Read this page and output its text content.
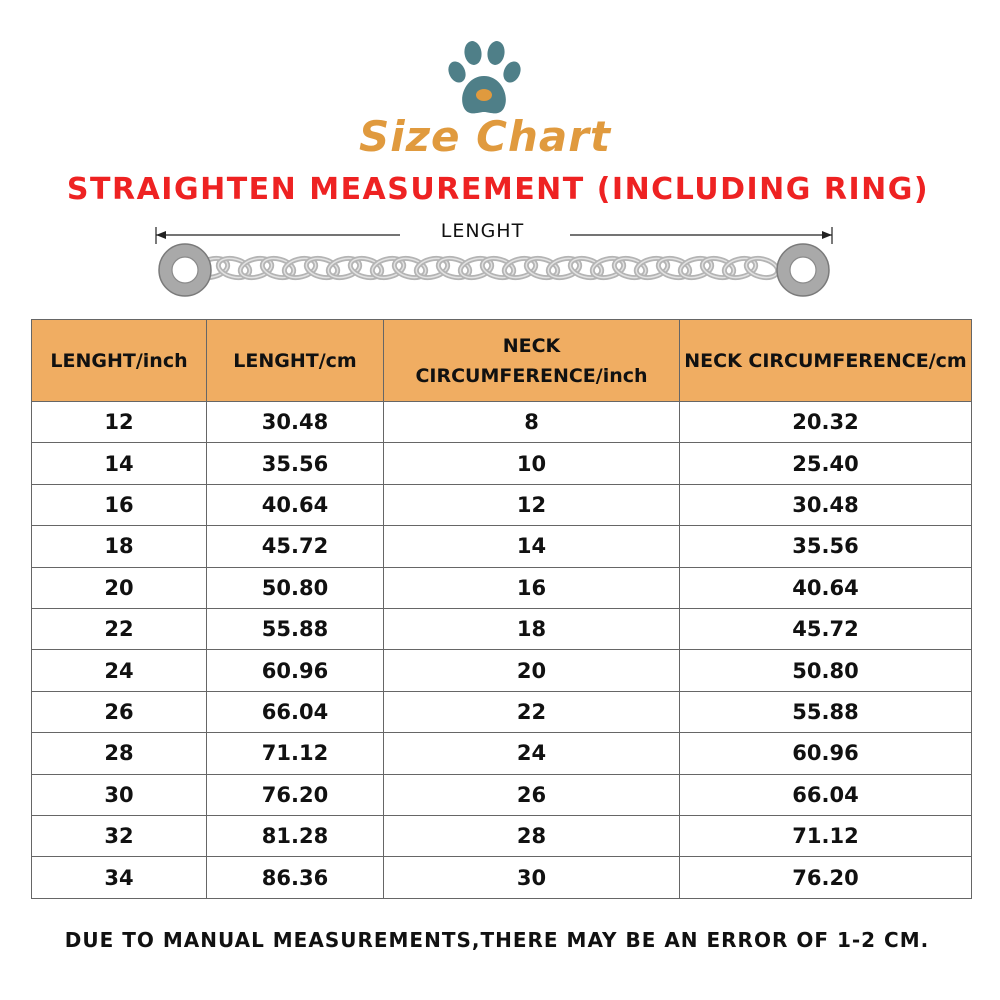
Size Chart
STRAIGHTEN MEASUREMENT (INCLUDING RING)
LENGHT
LENGHT/inch	LENGHT/cm	NECK CIRCUMFERENCE/inch	NECK CIRCUMFERENCE/cm
12	30.48	8	20.32
14	35.56	10	25.40
16	40.64	12	30.48
18	45.72	14	35.56
20	50.80	16	40.64
22	55.88	18	45.72
24	60.96	20	50.80
26	66.04	22	55.88
28	71.12	24	60.96
30	76.20	26	66.04
32	81.28	28	71.12
34	86.36	30	76.20
DUE TO MANUAL MEASUREMENTS,THERE MAY BE AN ERROR OF 1-2 CM.
